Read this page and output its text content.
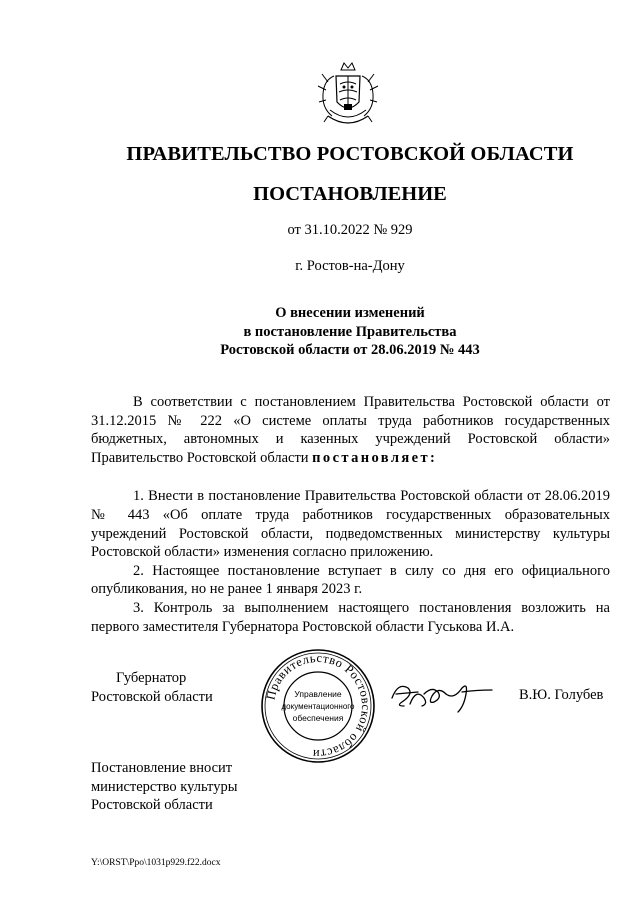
ПРАВИТЕЛЬСТВО РОСТОВСКОЙ ОБЛАСТИ
ПОСТАНОВЛЕНИЕ
от 31.10.2022 № 929
г. Ростов-на-Дону
О внесении изменений
в постановление Правительства
Ростовской области от 28.06.2019 № 443

В соответствии с постановлением Правительства Ростовской области от 31.12.2015 № 222 «О системе оплаты труда работников государственных бюджетных, автономных и казенных учреждений Ростовской области» Правительство Ростовской области постановляет:

1. Внести в постановление Правительства Ростовской области от 28.06.2019 № 443 «Об оплате труда работников государственных образовательных учреждений Ростовской области, подведомственных министерству культуры Ростовской области» изменения согласно приложению.

2. Настоящее постановление вступает в силу со дня его официального опубликования, но не ранее 1 января 2023 г.

3. Контроль за выполнением настоящего постановления возложить на первого заместителя Губернатора Ростовской области Гуськова И.А.

Губернатор
Ростовской области	Правительство Ростовской области
Управление
документационного
обеспечения
В.Ю. Голубев
Постановление вносит
министерство культуры
Ростовской области
Y:\ORST\Ppo\1031p929.f22.docx
